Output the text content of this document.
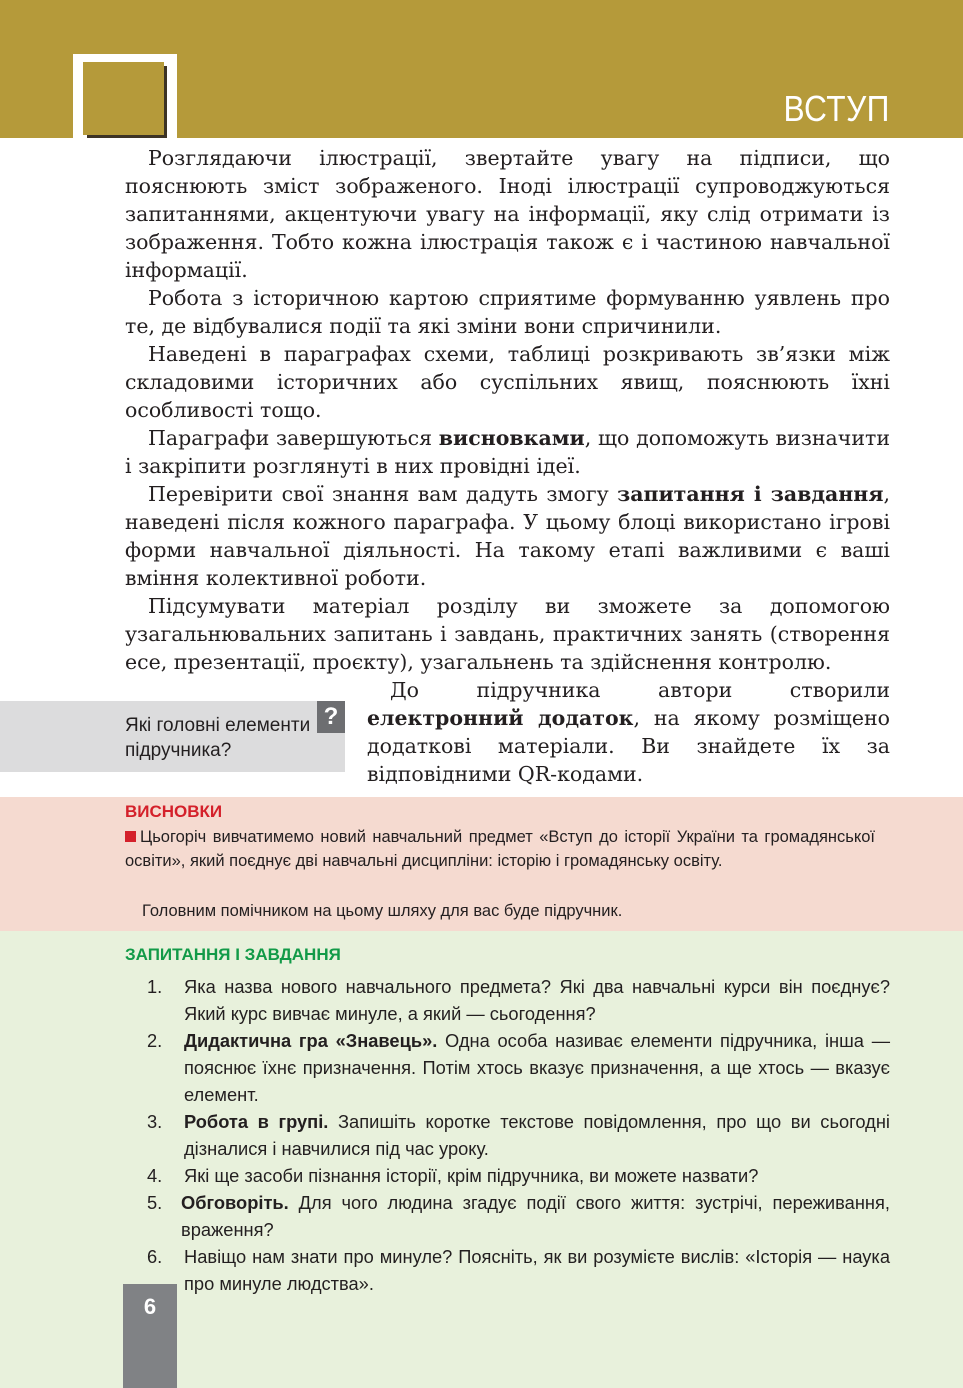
ВСТУП

Розглядаючи ілюстрації, звертайте увагу на підписи, що пояснюють зміст зображеного. Іноді ілюстрації супроводжуються запитаннями, акцентуючи увагу на інформації, яку слід отримати із зображення. Тобто кожна ілюстрація також є і частиною навчальної інформації.

Робота з історичною картою сприятиме формуванню уявлень про те, де відбувалися події та які зміни вони спричинили.

Наведені в параграфах схеми, таблиці розкривають зв’язки між складовими історичних або суспільних явищ, пояснюють їхні особливості тощо.

Параграфи завершуються висновками, що допоможуть визначити і закріпити розглянуті в них провідні ідеї.

Перевірити свої знання вам дадуть змогу запитання і завдання, наведені після кожного параграфа. У цьому блоці використано ігрові форми навчальної діяльності. На такому етапі важливими є ваші вміння колективної роботи.

Підсумувати матеріал розділу ви зможете за допомогою узагальнювальних запитань і завдань, практичних занять (створення есе, презентації, проєкту), узагальнень та здійснення контролю.

До підручника автори створили електронний додаток, на якому розміщено додаткові матеріали. Ви знайдете їх за відповідними QR-кодами.
Які головні елементи підручника?
?
ВИСНОВКИ
Цьогоріч вивчатимемо новий навчальний предмет «Вступ до історії України та громадянської освіти», який поєднує дві навчальні дисципліни: історію і громадянську освіту.
Головним помічником на цьому шляху для вас буде підручник.
ЗАПИТАННЯ І ЗАВДАННЯ
1. Яка назва нового навчального предмета? Які два навчальні курси він поєднує? Який курс вивчає минуле, а який — сьогодення?
2. Дидактична гра «Знавець». Одна особа називає елементи підручника, інша — пояснює їхнє призначення. Потім хтось вказує призначення, а ще хтось — вказує елемент.
3. Робота в групі. Запишіть коротке текстове повідомлення, про що ви сьогодні дізналися і навчилися під час уроку.
4. Які ще засоби пізнання історії, крім підручника, ви можете назвати?
5. Обговоріть. Для чого людина згадує події свого життя: зустрічі, переживання, враження?
6. Навіщо нам знати про минуле? Поясніть, як ви розумієте вислів: «Історія — наука про минуле людства».
6
